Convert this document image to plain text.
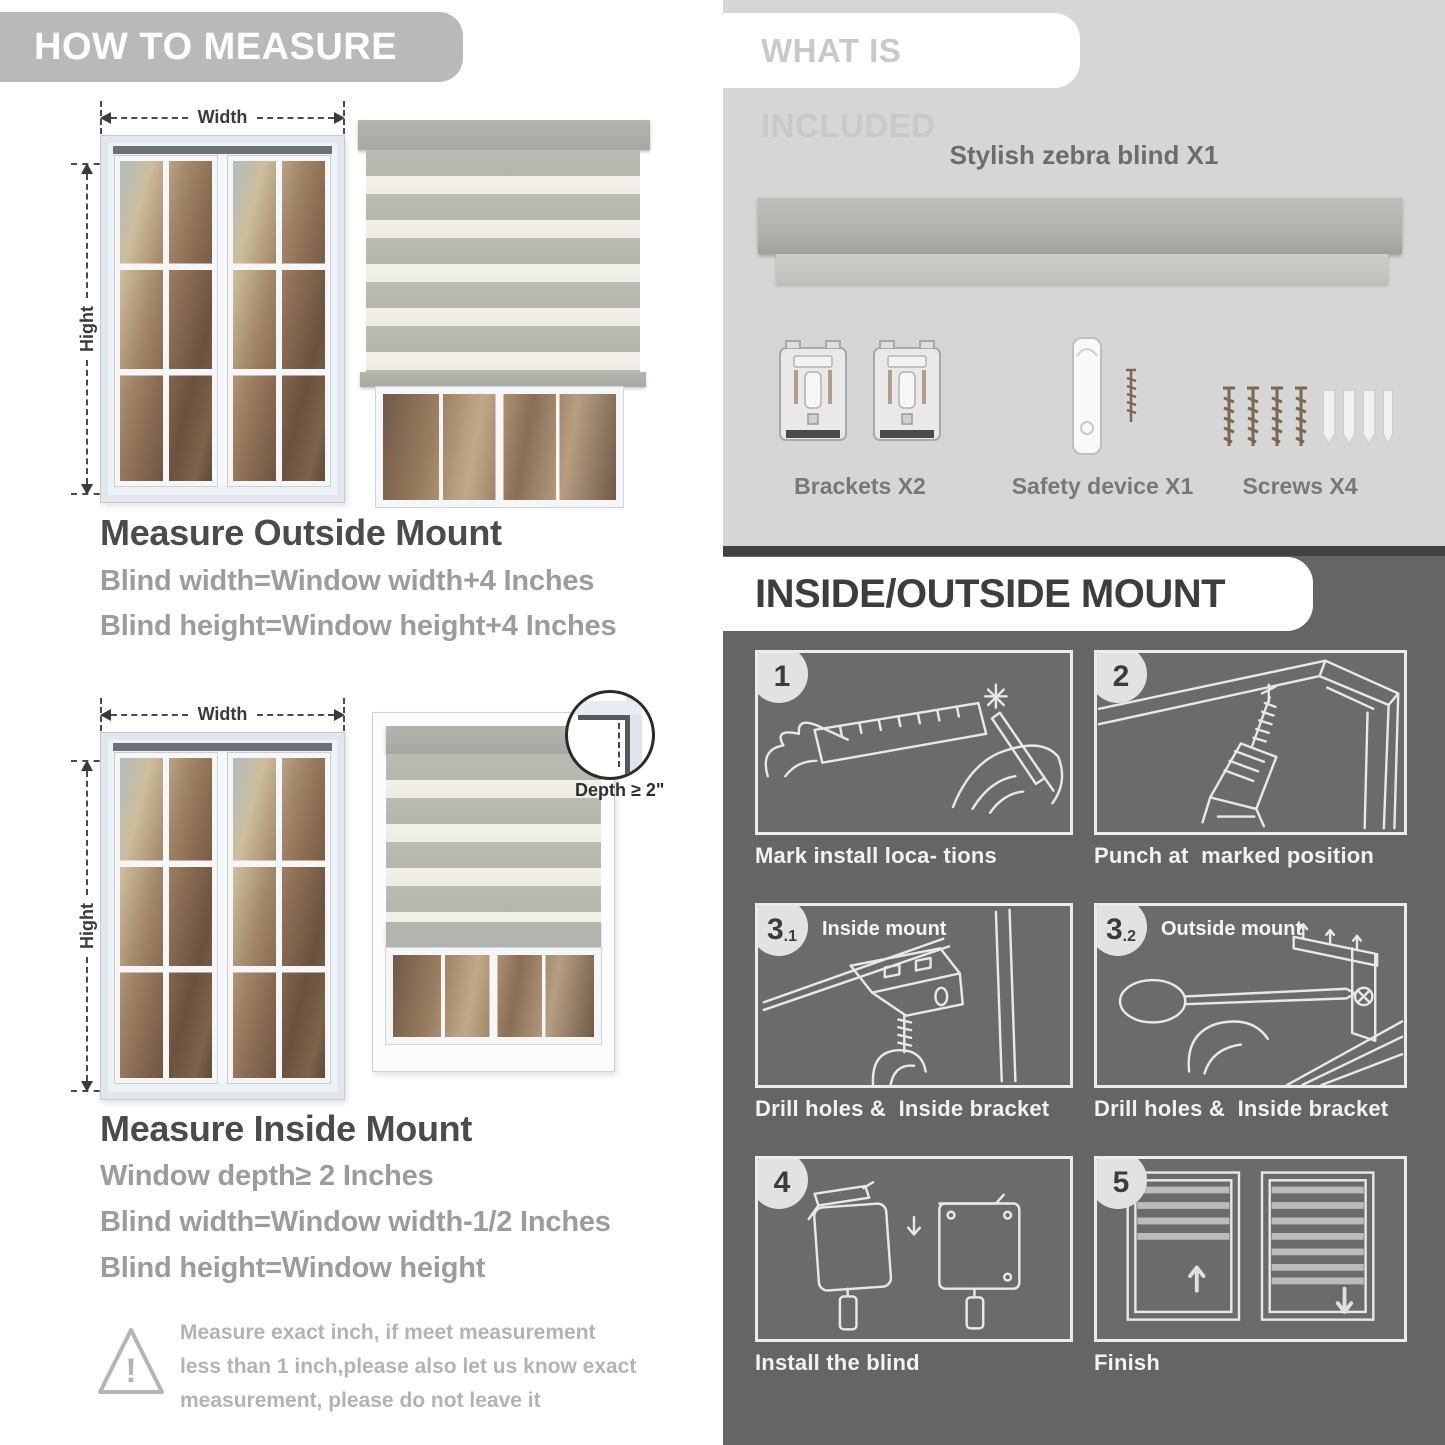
HOW TO MEASURE
Width
Hight
Measure Outside Mount
Blind width=Window width+4 Inches
Blind height=Window height+4 Inches
Width
Hight
Depth ≥ 2"
Measure Inside Mount
Window depth≥ 2 Inches
Blind width=Window width-1/2 Inches
Blind height=Window height
!
Measure exact inch, if meet measurement less than 1 inch,please also let us know exact measurement, please do not leave it
WHAT IS INCLUDED
Stylish zebra blind X1
Brackets X2	Safety device X1	Screws X4
INSIDE/OUTSIDE MOUNT
1
Mark install loca- tions
2
Punch at  marked position
3 .1 Inside mount
Drill holes &  Inside bracket
3 .2 Outside mount
Drill holes &  Inside bracket
4
Install the blind
5
Finish
